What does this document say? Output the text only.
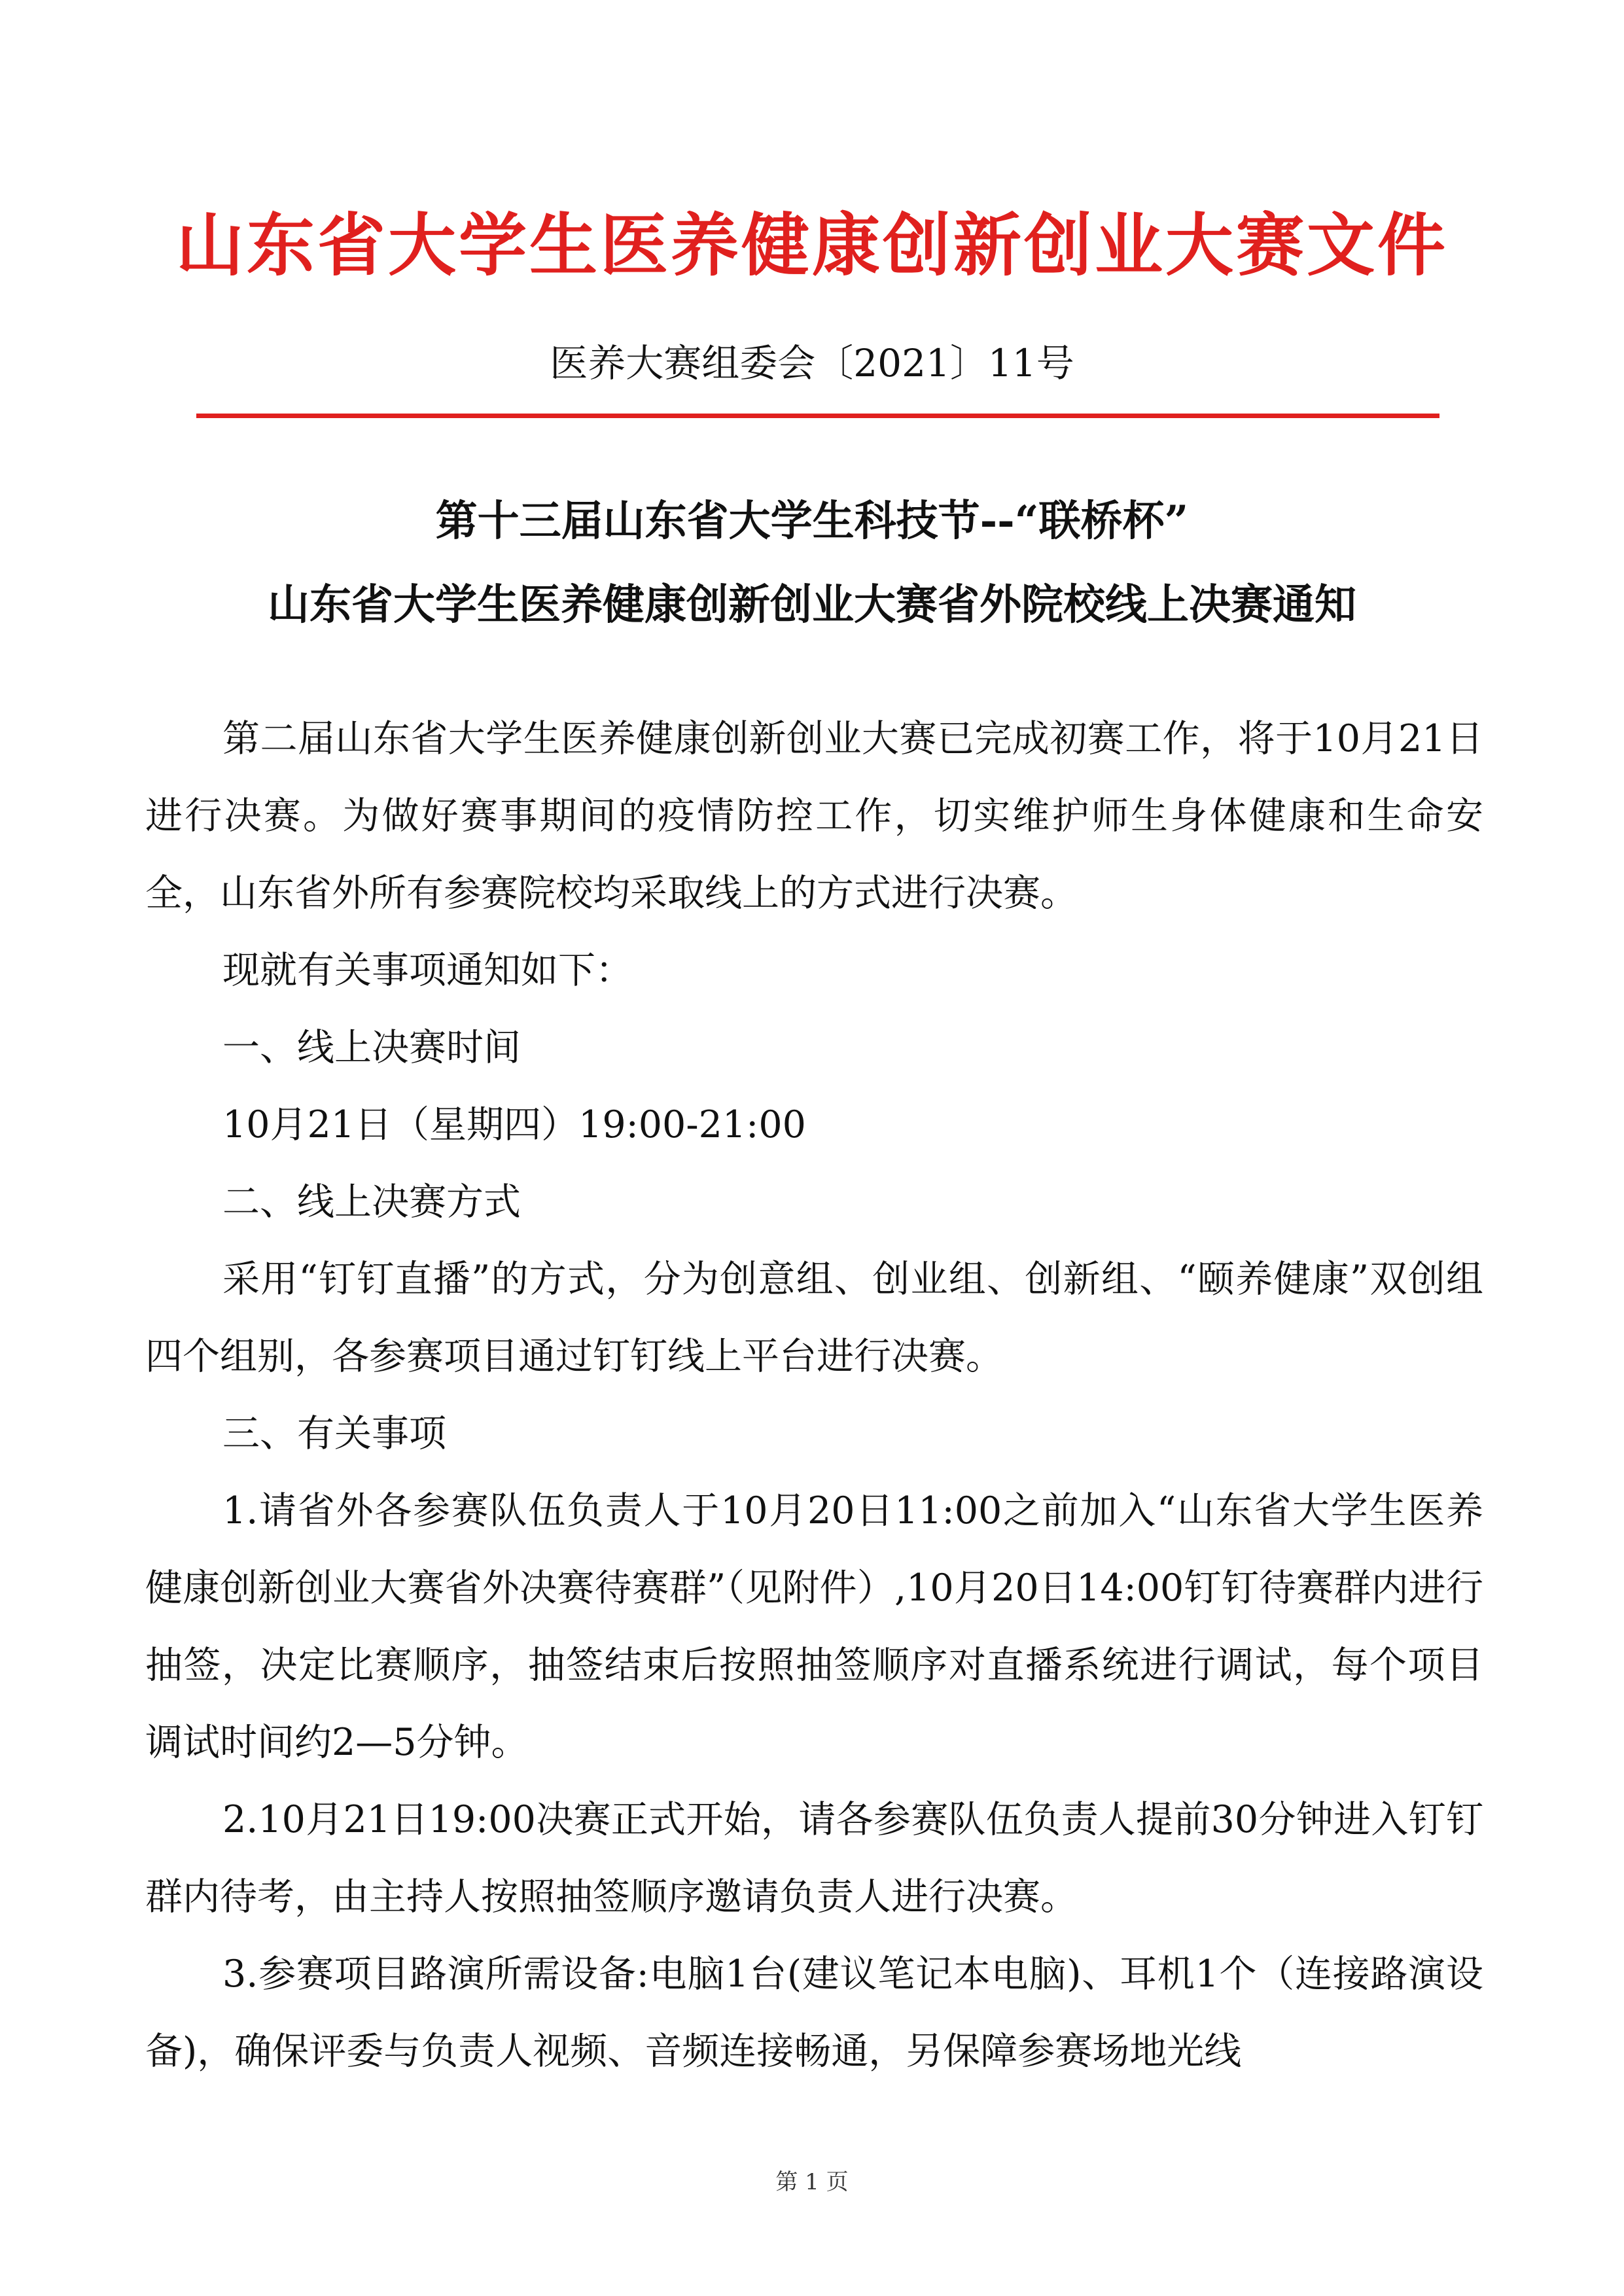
山东省大学生医养健康创新创业大赛文件
医养大赛组委会〔2021〕11号
第十三届山东省大学生科技节--“联桥杯”
山东省大学生医养健康创新创业大赛省外院校线上决赛通知

第二届山东省大学生医养健康创新创业大赛已完成初赛工作，将于10月21日进行决赛。为做好赛事期间的疫情防控工作，切实维护师生身体健康和生命安全，山东省外所有参赛院校均采取线上的方式进行决赛。

现就有关事项通知如下：

一、线上决赛时间

10月21日（星期四）19:00-21:00

二、线上决赛方式

采用“钉钉直播”的方式，分为创意组、创业组、创新组、“颐养健康”双创组四个组别，各参赛项目通过钉钉线上平台进行决赛。

三、有关事项

1.请省外各参赛队伍负责人于10月20日11:00之前加入“山东省大学生医养健康创新创业大赛省外决赛待赛群”（见附件）,10月20日14:00钉钉待赛群内进行抽签，决定比赛顺序，抽签结束后按照抽签顺序对直播系统进行调试，每个项目调试时间约2—5分钟。

2.10月21日19:00决赛正式开始，请各参赛队伍负责人提前30分钟进入钉钉群内待考，由主持人按照抽签顺序邀请负责人进行决赛。

3.参赛项目路演所需设备:电脑1台(建议笔记本电脑)、耳机1个（连接路演设备)，确保评委与负责人视频、音频连接畅通，另保障参赛场地光线

第 1 页
